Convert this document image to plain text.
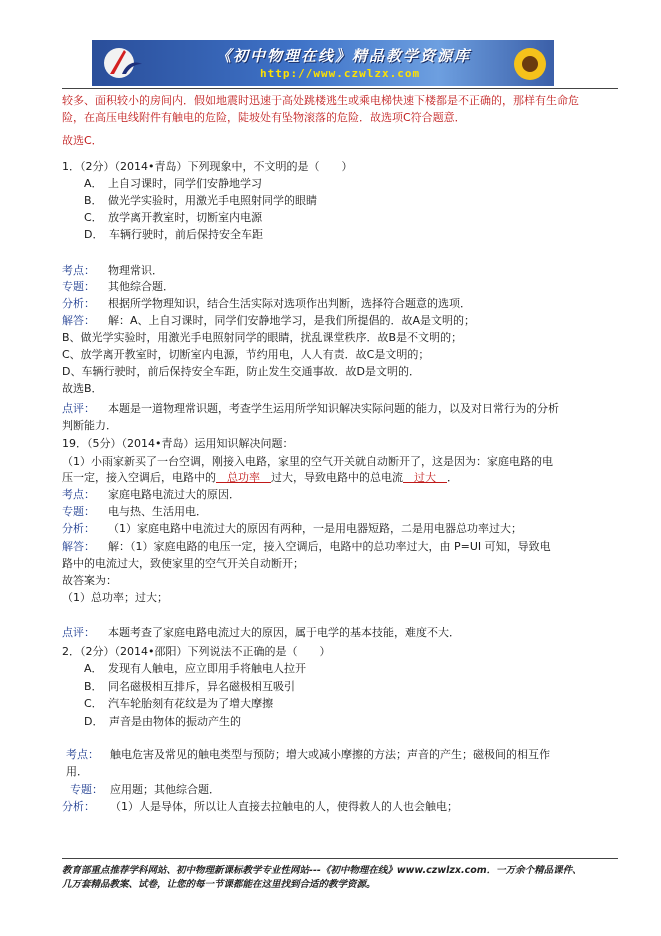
《初中物理在线》精品教学资源库
http://www.czwlzx.com
较多、面积较小的房间内．假如地震时迅速于高处跳楼逃生或乘电梯快速下楼都是不正确的，那样有生命危
险，在高压电线附件有触电的危险，陡坡处有坠物滚落的危险．故选项C符合题意．
故选C．
1．（2分）（2014•青岛）下列现象中，不文明的是（　　）
A．　上自习课时，同学们安静地学习
B．　做光学实验时，用激光手电照射同学的眼睛
C．　放学离开教室时，切断室内电源
D．　车辆行驶时，前后保持安全车距
考点： 物理常识．
专题： 其他综合题．
分析： 根据所学物理知识，结合生活实际对选项作出判断，选择符合题意的选项．
解答： 解：A、上自习课时，同学们安静地学习，是我们所提倡的．故A是文明的；
B、做光学实验时，用激光手电照射同学的眼睛，扰乱课堂秩序．故B是不文明的；
C、放学离开教室时，切断室内电源，节约用电，人人有责．故C是文明的；
D、车辆行驶时，前后保持安全车距，防止发生交通事故．故D是文明的．
故选B．
点评： 本题是一道物理常识题，考查学生运用所学知识解决实际问题的能力，以及对日常行为的分析
判断能力．
19．（5分）（2014•青岛）运用知识解决问题：
（1）小雨家新买了一台空调，刚接入电路，家里的空气开关就自动断开了，这是因为：家庭电路的电
压一定，接入空调后，电路中的　总功率　过大，导致电路中的总电流　过大　．
考点： 家庭电路电流过大的原因．
专题： 电与热、生活用电．
分析： （1）家庭电路中电流过大的原因有两种，一是用电器短路，二是用电器总功率过大；
解答： 解：（1）家庭电路的电压一定，接入空调后，电路中的总功率过大，由 P=UI 可知，导致电
路中的电流过大，致使家里的空气开关自动断开；
故答案为：
（1）总功率；过大；
点评： 本题考查了家庭电路电流过大的原因，属于电学的基本技能，难度不大．
2．（2分）（2014•邵阳）下列说法不正确的是（　　）
A．　发现有人触电，应立即用手将触电人拉开
B．　同名磁极相互排斥，异名磁极相互吸引
C．　汽车轮胎刻有花纹是为了增大摩擦
D．　声音是由物体的振动产生的
考点： 触电危害及常见的触电类型与预防；增大或减小摩擦的方法；声音的产生；磁极间的相互作
用．
专题： 应用题；其他综合题．
分析： （1）人是导体，所以让人直接去拉触电的人，使得救人的人也会触电；
教育部重点推荐学科网站、初中物理新课标教学专业性网站---《初中物理在线》www.czwlzx.com．一万余个精品课件、
几万套精品教案、试卷，让您的每一节课都能在这里找到合适的教学资源。
